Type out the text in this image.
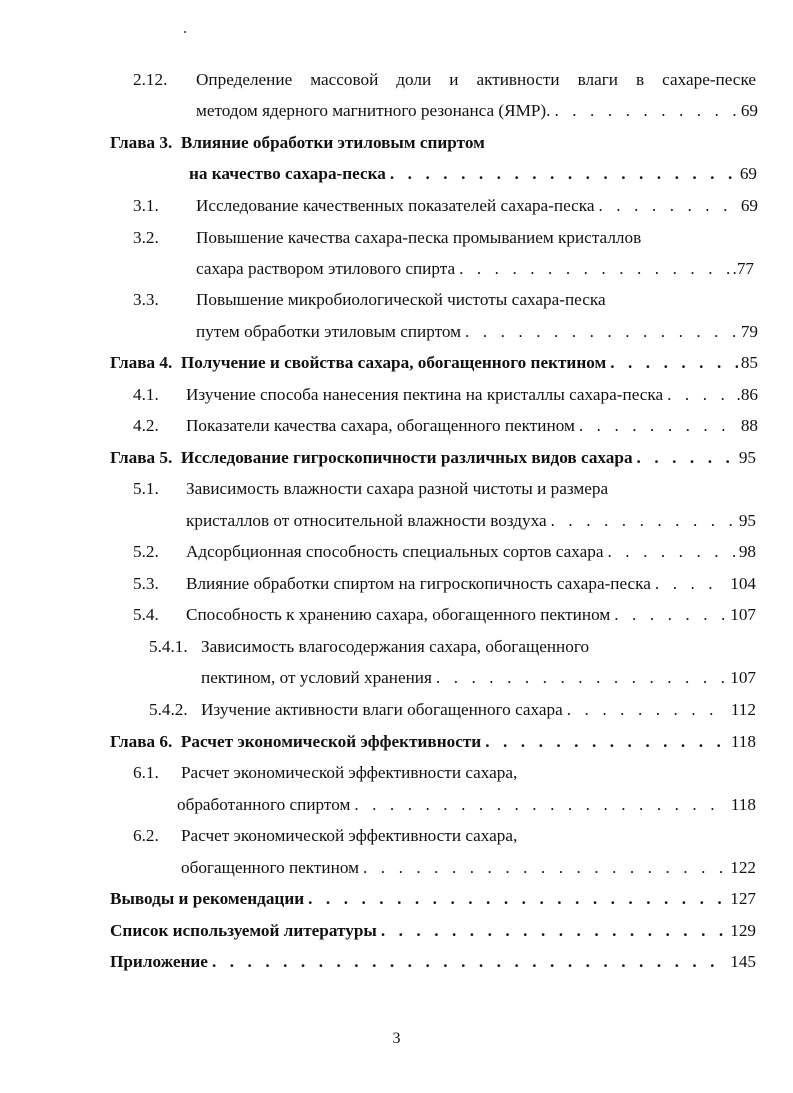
2.12. Определение массовой доли и активности влаги в сахаре-песке
методом ядерного магнитного резонанса (ЯМР). . . .	69
Глава 3. Влияние обработки этиловым спиртом
на качество сахара-песка . . .	69
3.1. Исследование качественных показателей сахара-песка . . .	69
3.2. Повышение качества сахара-песка промыванием кристаллов
сахара раствором этилового спирта . . .	.77
3.3. Повышение микробиологической чистоты сахара-песка
путем обработки этиловым спиртом . . .	79
Глава 4. Получение и свойства сахара, обогащенного пектином . . .	85
4.1. Изучение способа нанесения пектина на кристаллы сахара-песка . . .	.86
4.2. Показатели качества сахара, обогащенного пектином . . .	88
Глава 5. Исследование гигроскопичности различных видов сахара . . .	95
5.1. Зависимость влажности сахара разной чистоты и размера
кристаллов от относительной влажности воздуха . . .	95
5.2. Адсорбционная способность специальных сортов сахара . . .	98
5.3. Влияние обработки спиртом на гигроскопичность сахара-песка . . .	104
5.4. Способность к хранению сахара, обогащенного пектином . . .	107
5.4.1. Зависимость влагосодержания сахара, обогащенного
пектином, от условий хранения . . .	107
5.4.2. Изучение активности влаги обогащенного сахара . . .	112
Глава 6. Расчет экономической эффективности . . .	118
6.1. Расчет экономической эффективности сахара,
обработанного спиртом . . .	118
6.2. Расчет экономической эффективности сахара,
обогащенного пектином . . .	122
Выводы и рекомендации . . .	127
Список используемой литературы . . .	129
Приложение . . .	145
3
